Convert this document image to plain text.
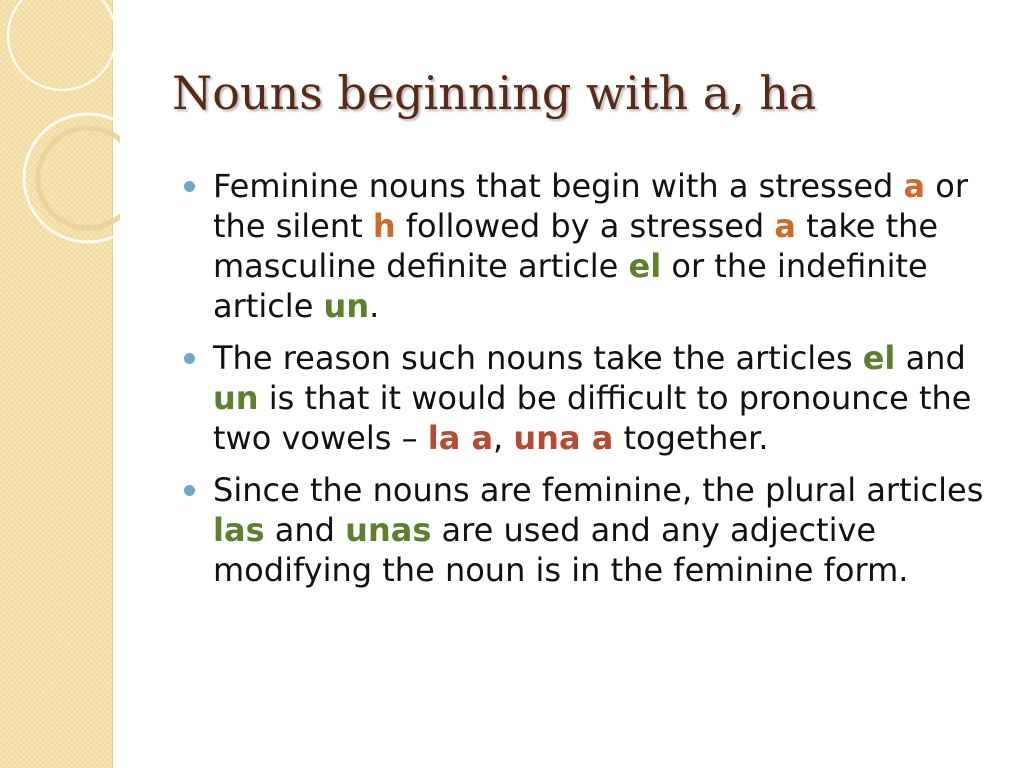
Nouns beginning with a, ha
Feminine nouns that begin with a stressed a or the silent h followed by a stressed a take the masculine definite article el or the indefinite article un.
The reason such nouns take the articles el and un is that it would be difficult to pronounce the two vowels – la a, una a together.
Since the nouns are feminine, the plural articles las and unas are used and any adjective modifying the noun is in the feminine form.
